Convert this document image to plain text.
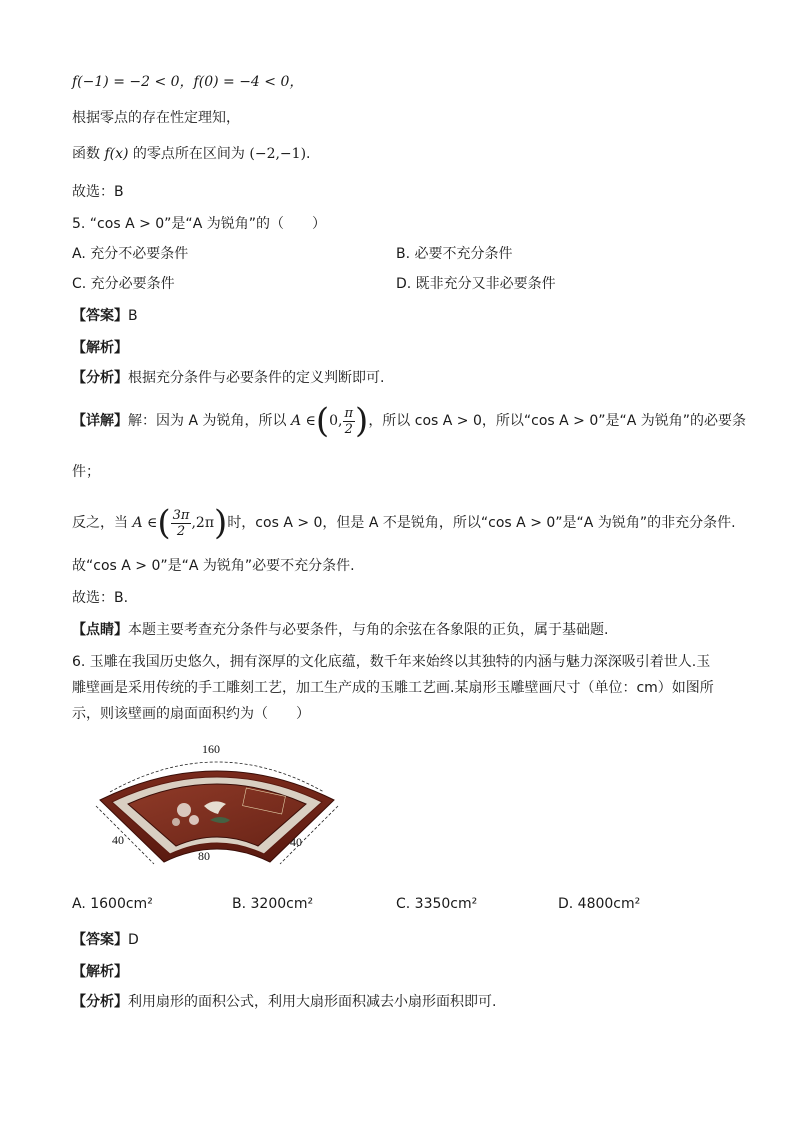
f(−1) = −2 < 0，f(0) = −4 < 0，
根据零点的存在性定理知，
函数 f(x) 的零点所在区间为 (−2,−1).
故选：B
5. “cos A > 0”是“A 为锐角”的（　　）
A. 充分不必要条件	B. 必要不充分条件
C. 充分必要条件	D. 既非充分又非必要条件
【答案】B
【解析】
【分析】根据充分条件与必要条件的定义判断即可.
【详解】解：因为 A 为锐角，所以 A ∈(0, $\frac{\pi}{2}$ )，所以 cos A > 0，所以“cos A > 0”是“A 为锐角”的必要条
件；
反之，当 A ∈( $\frac{3\pi}{2} ,2\pi$)时，cos A > 0，但是 A 不是锐角，所以“cos A > 0”是“A 为锐角”的非充分条件.
故“cos A > 0”是“A 为锐角”必要不充分条件.
故选：B.
【点睛】本题主要考查充分条件与必要条件，与角的余弦在各象限的正负，属于基础题.
6. 玉雕在我国历史悠久，拥有深厚的文化底蕴，数千年来始终以其独特的内涵与魅力深深吸引着世人.玉
雕壁画是采用传统的手工雕刻工艺，加工生产成的玉雕工艺画.某扇形玉雕壁画尺寸（单位：cm）如图所
示，则该壁画的扇面面积约为（　　）
A. 1600cm²	B. 3200cm²	C. 3350cm²	D. 4800cm²
【答案】D
【解析】
【分析】利用扇形的面积公式，利用大扇形面积减去小扇形面积即可.
160
80
40	40
